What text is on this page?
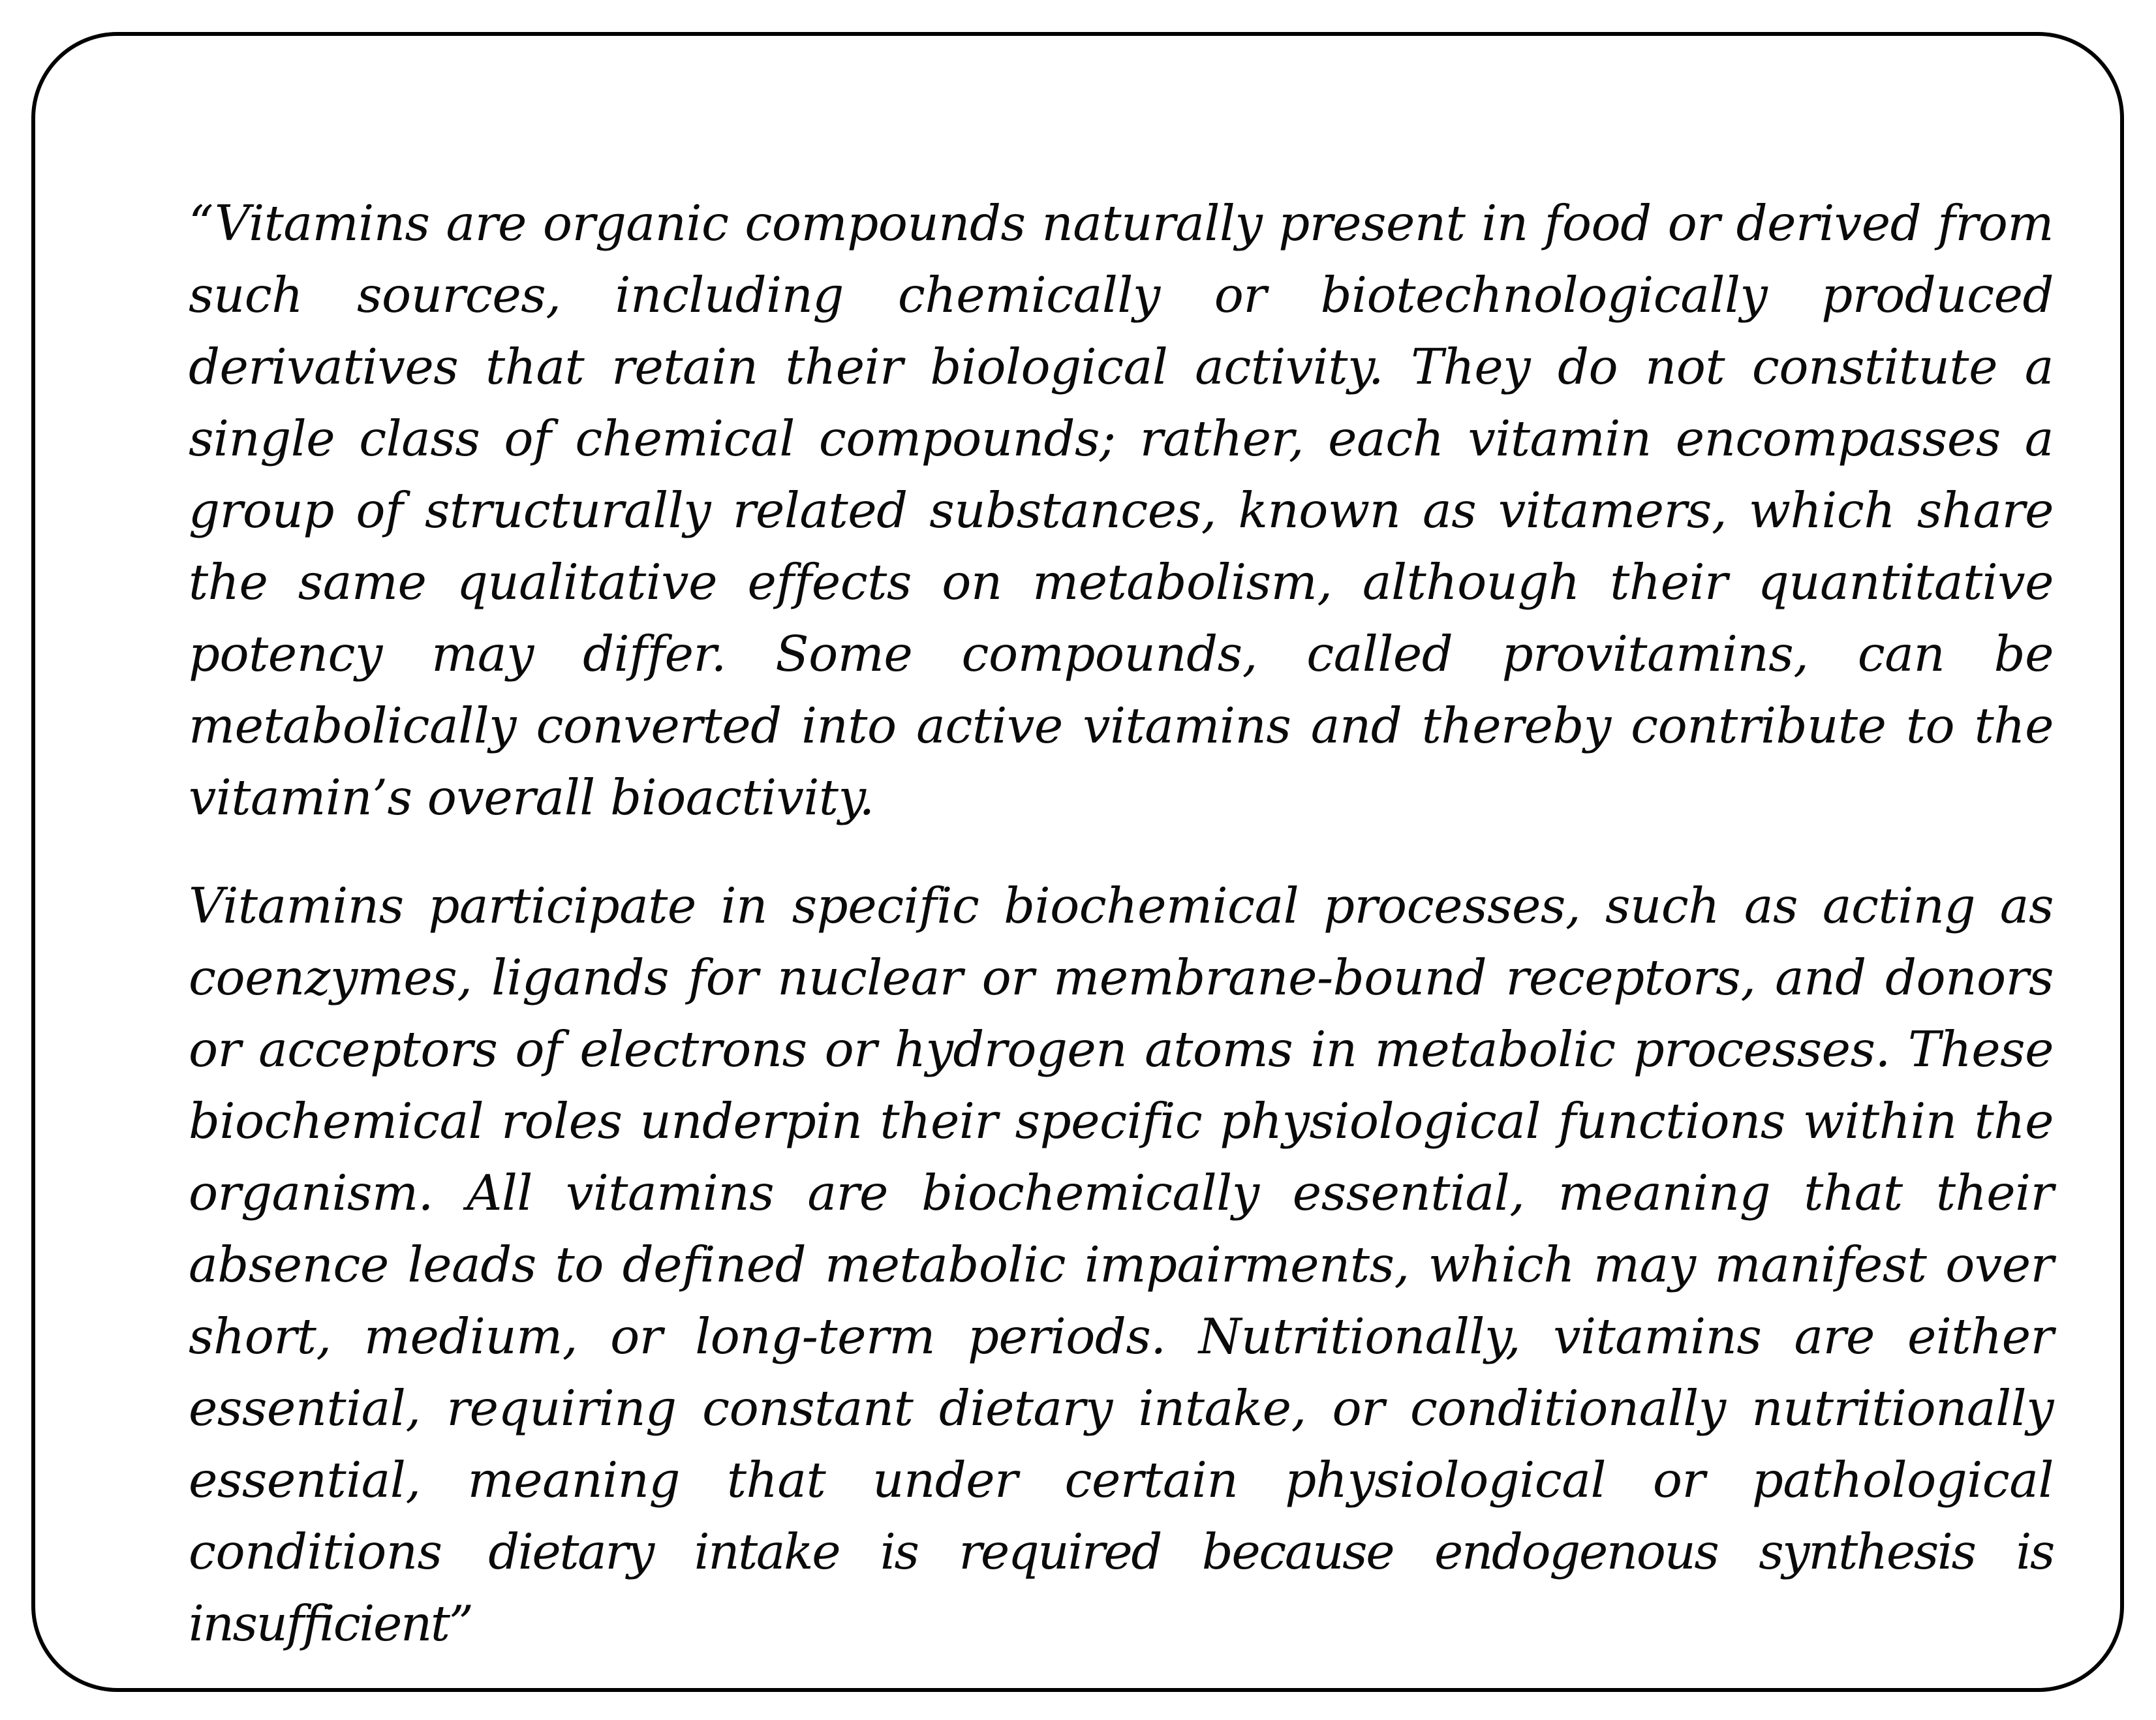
“Vitamins are organic compounds naturally present in food or derived from such sources, including chemically or biotechnologically produced derivatives that retain their biological activity. They do not constitute a single class of chemical compounds; rather, each vitamin encompasses a group of structurally related substances, known as vitamers, which share the same qualitative effects on metabolism, although their quantitative potency may differ. Some compounds, called provitamins, can be metabolically converted into active vitamins and thereby contribute to the vitamin’s overall bioactivity.

Vitamins participate in specific biochemical processes, such as acting as coenzymes, ligands for nuclear or membrane-bound receptors, and donors or acceptors of electrons or hydrogen atoms in metabolic processes. These biochemical roles underpin their specific physiological functions within the organism. All vitamins are biochemically essential, meaning that their absence leads to defined metabolic impairments, which may manifest over short, medium, or long-term periods. Nutritionally, vitamins are either essential, requiring constant dietary intake, or conditionally nutritionally essential, meaning that under certain physiological or pathological conditions dietary intake is required because endogenous synthesis is insufficient”
